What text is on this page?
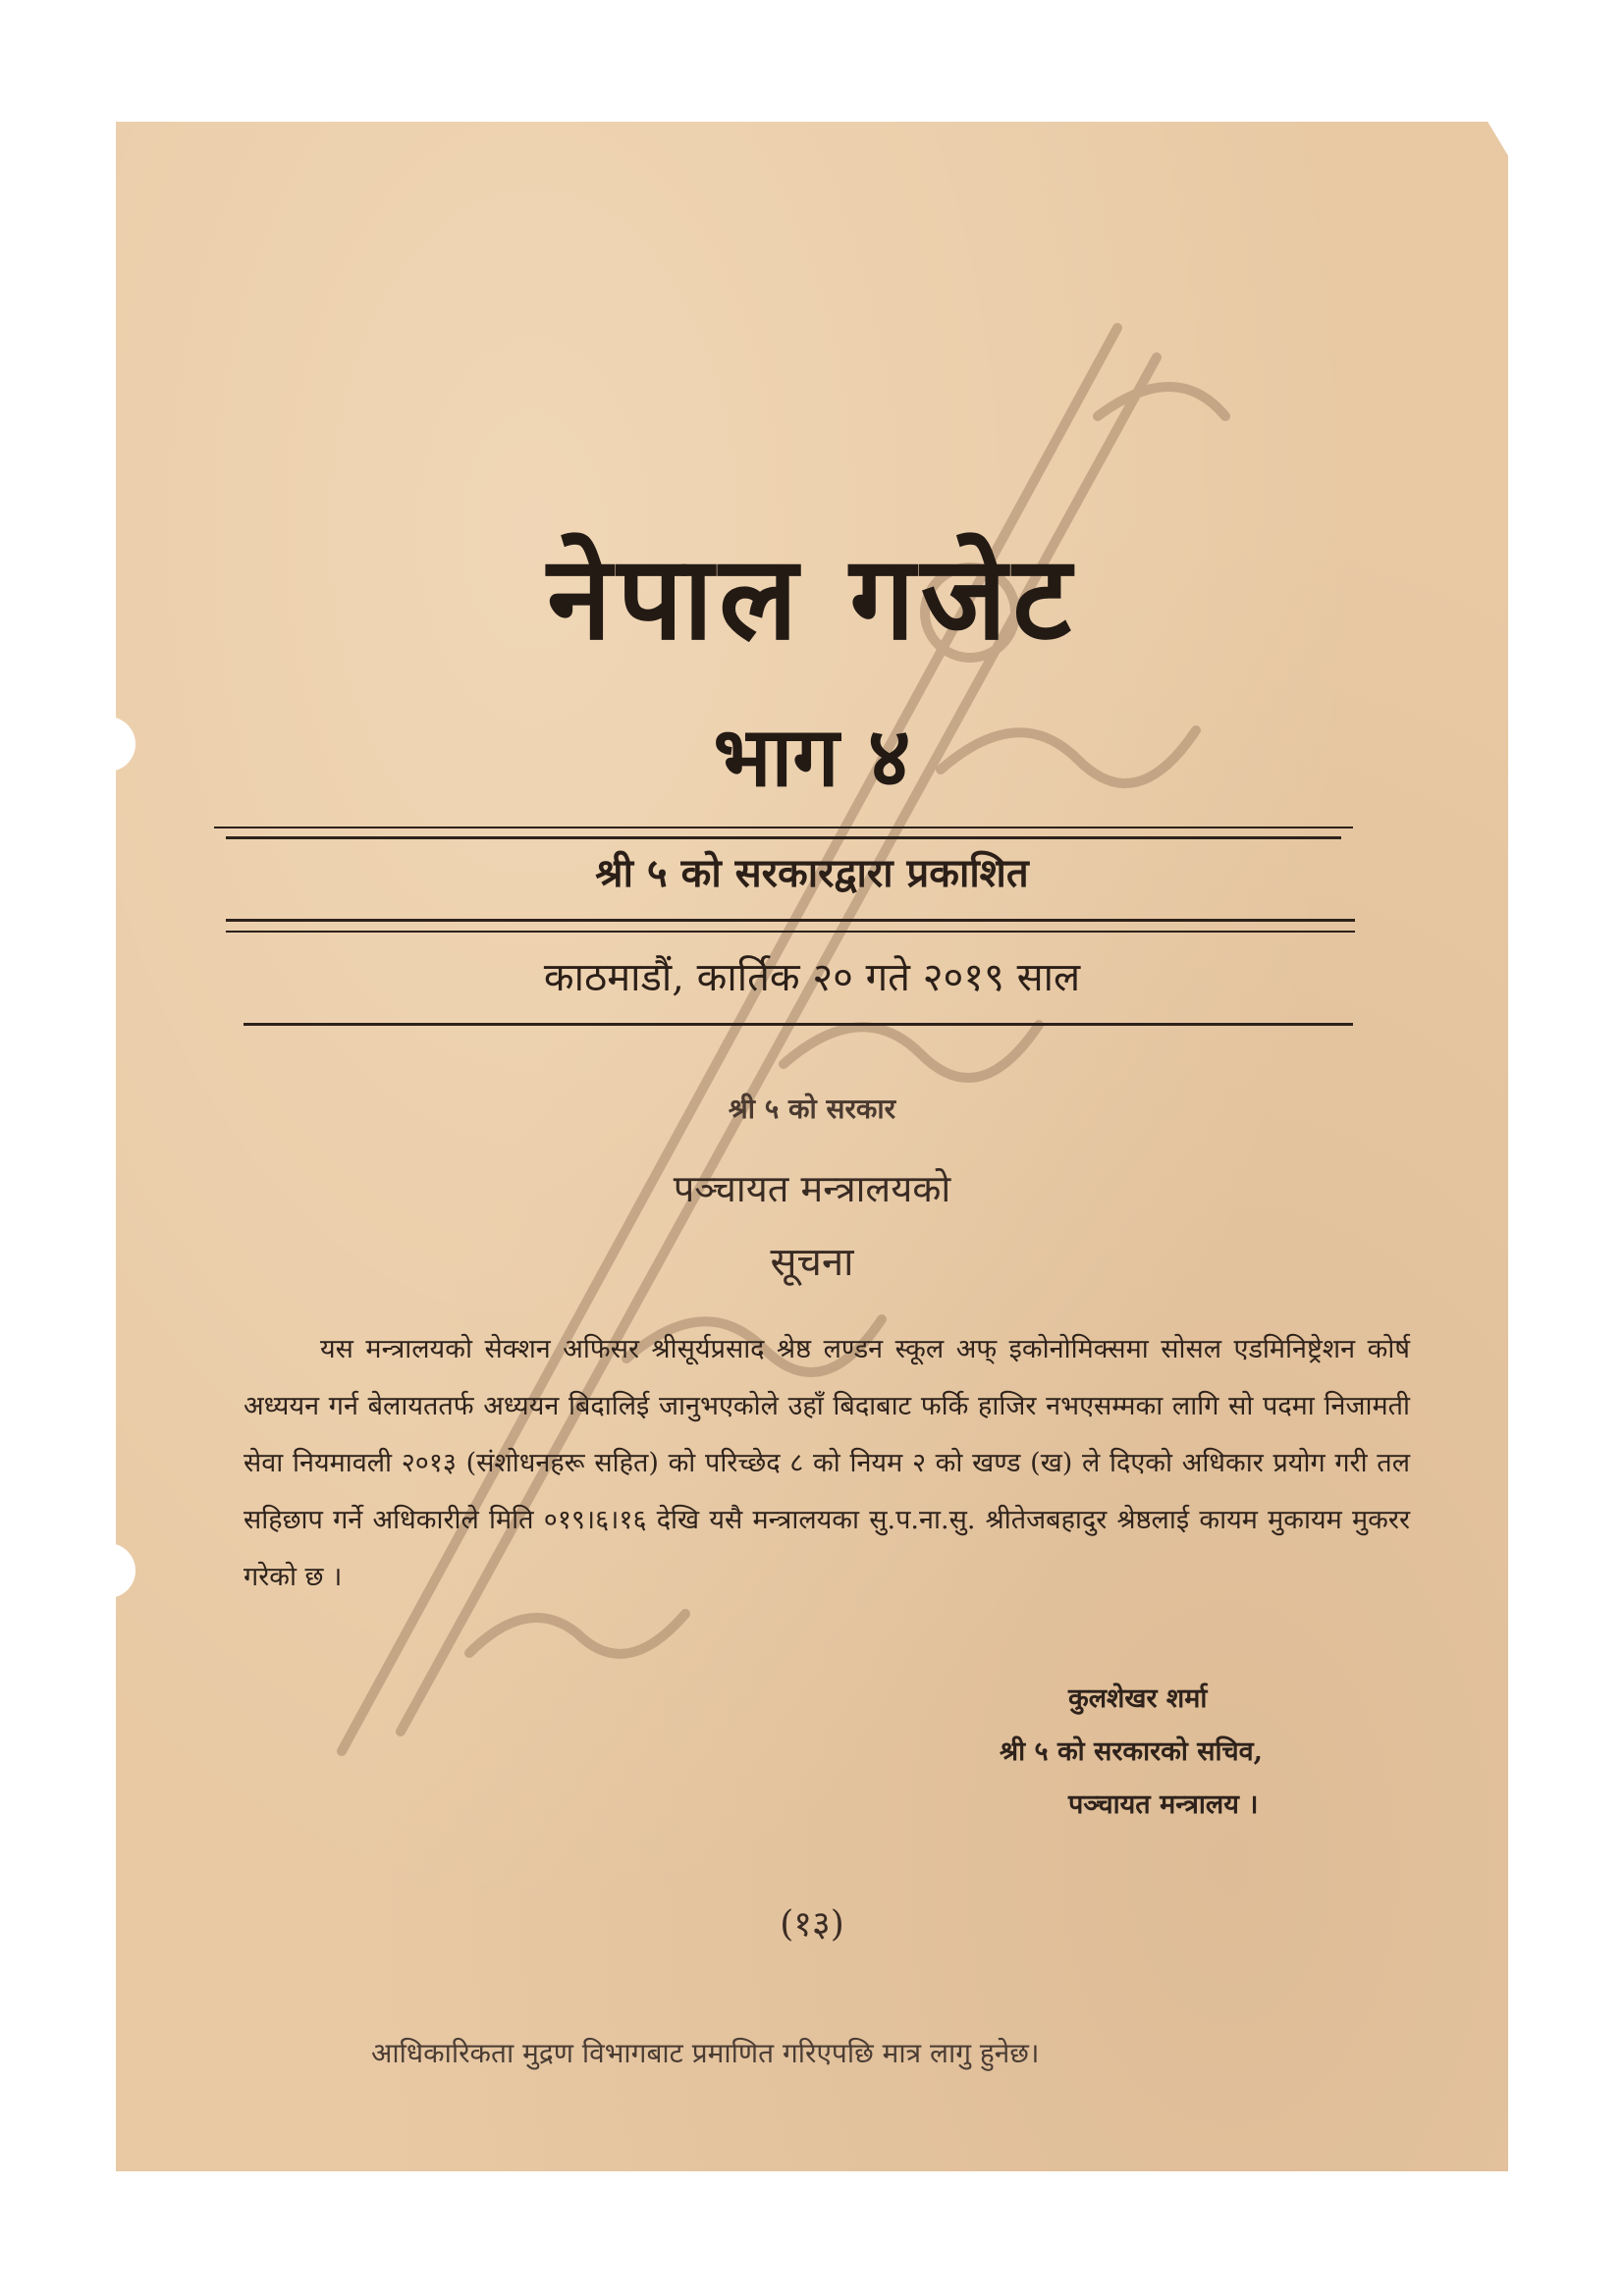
नेपाल गजेट
भाग ४
श्री ५ को सरकारद्वारा प्रकाशित
काठमाडौं, कार्तिक २० गते २०१९ साल
श्री ५ को सरकार
पञ्चायत मन्त्रालयको
सूचना
यस मन्त्रालयको सेक्शन अफिसर श्रीसूर्यप्रसाद श्रेष्ठ लण्डन स्कूल अफ् इकोनोमिक्समा सोसल एडमिनिष्ट्रेशन कोर्ष अध्ययन गर्न बेलायततर्फ अध्ययन बिदालिई जानुभएकोले उहाँ बिदाबाट फर्कि हाजिर नभएसम्मका लागि सो पदमा निजामती सेवा नियमावली २०१३ (संशोधनहरू सहित) को परिच्छेद ८ को नियम २ को खण्ड (ख) ले दिएको अधिकार प्रयोग गरी तल सहिछाप गर्ने अधिकारीले मिति ०१९।६।१६ देखि यसै मन्त्रालयका सु.प.ना.सु. श्रीतेजबहादुर श्रेष्ठलाई कायम मुकायम मुकरर गरेको छ ।
कुलशेखर शर्मा
श्री ५ को सरकारको सचिव,
पञ्चायत मन्त्रालय ।
(१३)
आधिकारिकता मुद्रण विभागबाट प्रमाणित गरिएपछि मात्र लागु हुनेछ।
